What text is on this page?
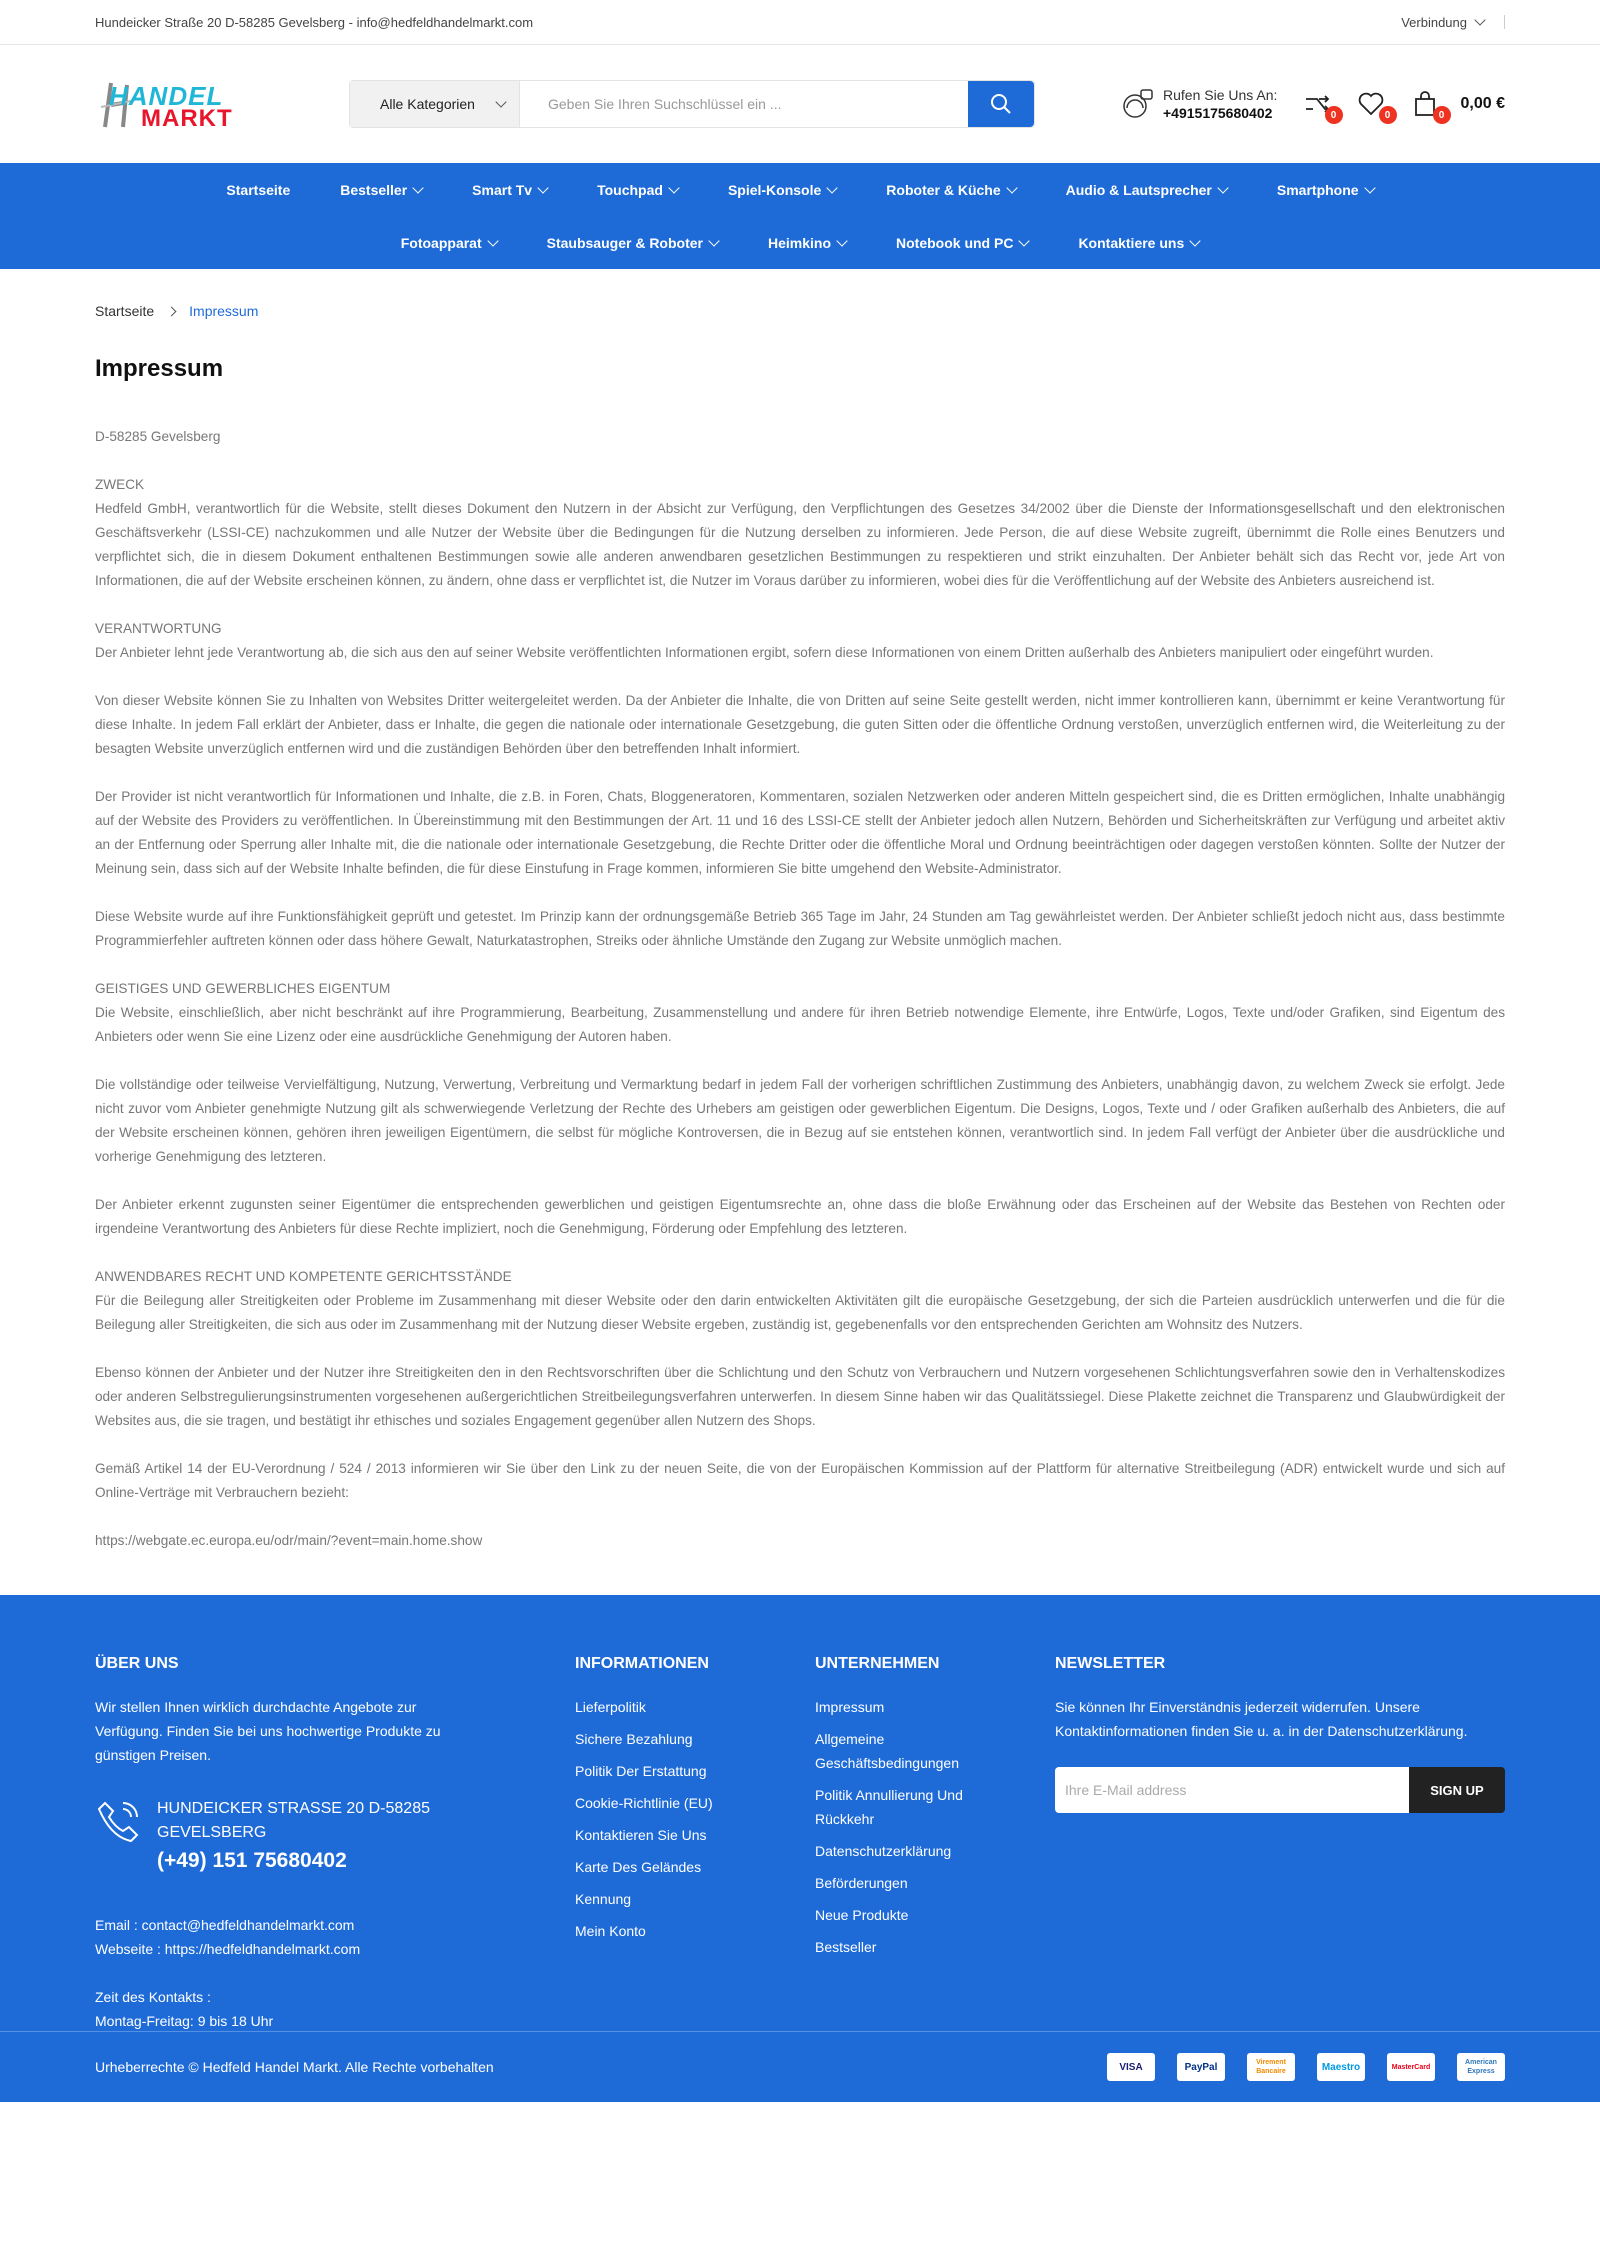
Hundeicker Straße 20 D-58285 Gevelsberg - info@hedfeldhandelmarkt.com	Verbindung
HANDEL
MARKT
Alle Kategorien
Geben Sie Ihren Suchschlüssel ein ...
Rufen Sie Uns An:
+4915175680402	0	0	0
0,00 €
Startseite	Bestseller	Smart Tv	Touchpad	Spiel-Konsole	Roboter & Küche	Audio & Lautsprecher	Smartphone
Fotoapparat	Staubsauger & Roboter	Heimkino	Notebook und PC	Kontaktiere uns
Startseite	Impressum
Impressum

D-58285 Gevelsberg

ZWECK
Hedfeld GmbH, verantwortlich für die Website, stellt dieses Dokument den Nutzern in der Absicht zur Verfügung, den Verpflichtungen des Gesetzes 34/2002 über die Dienste der Informationsgesellschaft und den elektronischen Geschäftsverkehr (LSSI-CE) nachzukommen und alle Nutzer der Website über die Bedingungen für die Nutzung derselben zu informieren. Jede Person, die auf diese Website zugreift, übernimmt die Rolle eines Benutzers und verpflichtet sich, die in diesem Dokument enthaltenen Bestimmungen sowie alle anderen anwendbaren gesetzlichen Bestimmungen zu respektieren und strikt einzuhalten. Der Anbieter behält sich das Recht vor, jede Art von Informationen, die auf der Website erscheinen können, zu ändern, ohne dass er verpflichtet ist, die Nutzer im Voraus darüber zu informieren, wobei dies für die Veröffentlichung auf der Website des Anbieters ausreichend ist.

VERANTWORTUNG
Der Anbieter lehnt jede Verantwortung ab, die sich aus den auf seiner Website veröffentlichten Informationen ergibt, sofern diese Informationen von einem Dritten außerhalb des Anbieters manipuliert oder eingeführt wurden.

Von dieser Website können Sie zu Inhalten von Websites Dritter weitergeleitet werden. Da der Anbieter die Inhalte, die von Dritten auf seine Seite gestellt werden, nicht immer kontrollieren kann, übernimmt er keine Verantwortung für diese Inhalte. In jedem Fall erklärt der Anbieter, dass er Inhalte, die gegen die nationale oder internationale Gesetzgebung, die guten Sitten oder die öffentliche Ordnung verstoßen, unverzüglich entfernen wird, die Weiterleitung zu der besagten Website unverzüglich entfernen wird und die zuständigen Behörden über den betreffenden Inhalt informiert.

Der Provider ist nicht verantwortlich für Informationen und Inhalte, die z.B. in Foren, Chats, Bloggeneratoren, Kommentaren, sozialen Netzwerken oder anderen Mitteln gespeichert sind, die es Dritten ermöglichen, Inhalte unabhängig auf der Website des Providers zu veröffentlichen. In Übereinstimmung mit den Bestimmungen der Art. 11 und 16 des LSSI-CE stellt der Anbieter jedoch allen Nutzern, Behörden und Sicherheitskräften zur Verfügung und arbeitet aktiv an der Entfernung oder Sperrung aller Inhalte mit, die die nationale oder internationale Gesetzgebung, die Rechte Dritter oder die öffentliche Moral und Ordnung beeinträchtigen oder dagegen verstoßen könnten. Sollte der Nutzer der Meinung sein, dass sich auf der Website Inhalte befinden, die für diese Einstufung in Frage kommen, informieren Sie bitte umgehend den Website-Administrator.

Diese Website wurde auf ihre Funktionsfähigkeit geprüft und getestet. Im Prinzip kann der ordnungsgemäße Betrieb 365 Tage im Jahr, 24 Stunden am Tag gewährleistet werden. Der Anbieter schließt jedoch nicht aus, dass bestimmte Programmierfehler auftreten können oder dass höhere Gewalt, Naturkatastrophen, Streiks oder ähnliche Umstände den Zugang zur Website unmöglich machen.

GEISTIGES UND GEWERBLICHES EIGENTUM
Die Website, einschließlich, aber nicht beschränkt auf ihre Programmierung, Bearbeitung, Zusammenstellung und andere für ihren Betrieb notwendige Elemente, ihre Entwürfe, Logos, Texte und/oder Grafiken, sind Eigentum des Anbieters oder wenn Sie eine Lizenz oder eine ausdrückliche Genehmigung der Autoren haben.

Die vollständige oder teilweise Vervielfältigung, Nutzung, Verwertung, Verbreitung und Vermarktung bedarf in jedem Fall der vorherigen schriftlichen Zustimmung des Anbieters, unabhängig davon, zu welchem Zweck sie erfolgt. Jede nicht zuvor vom Anbieter genehmigte Nutzung gilt als schwerwiegende Verletzung der Rechte des Urhebers am geistigen oder gewerblichen Eigentum. Die Designs, Logos, Texte und / oder Grafiken außerhalb des Anbieters, die auf der Website erscheinen können, gehören ihren jeweiligen Eigentümern, die selbst für mögliche Kontroversen, die in Bezug auf sie entstehen können, verantwortlich sind. In jedem Fall verfügt der Anbieter über die ausdrückliche und vorherige Genehmigung des letzteren.

Der Anbieter erkennt zugunsten seiner Eigentümer die entsprechenden gewerblichen und geistigen Eigentumsrechte an, ohne dass die bloße Erwähnung oder das Erscheinen auf der Website das Bestehen von Rechten oder irgendeine Verantwortung des Anbieters für diese Rechte impliziert, noch die Genehmigung, Förderung oder Empfehlung des letzteren.

ANWENDBARES RECHT UND KOMPETENTE GERICHTSSTÄNDE
Für die Beilegung aller Streitigkeiten oder Probleme im Zusammenhang mit dieser Website oder den darin entwickelten Aktivitäten gilt die europäische Gesetzgebung, der sich die Parteien ausdrücklich unterwerfen und die für die Beilegung aller Streitigkeiten, die sich aus oder im Zusammenhang mit der Nutzung dieser Website ergeben, zuständig ist, gegebenenfalls vor den entsprechenden Gerichten am Wohnsitz des Nutzers.

Ebenso können der Anbieter und der Nutzer ihre Streitigkeiten den in den Rechtsvorschriften über die Schlichtung und den Schutz von Verbrauchern und Nutzern vorgesehenen Schlichtungsverfahren sowie den in Verhaltenskodizes oder anderen Selbstregulierungsinstrumenten vorgesehenen außergerichtlichen Streitbeilegungsverfahren unterwerfen. In diesem Sinne haben wir das Qualitätssiegel. Diese Plakette zeichnet die Transparenz und Glaubwürdigkeit der Websites aus, die sie tragen, und bestätigt ihr ethisches und soziales Engagement gegenüber allen Nutzern des Shops.

Gemäß Artikel 14 der EU-Verordnung / 524 / 2013 informieren wir Sie über den Link zu der neuen Seite, die von der Europäischen Kommission auf der Plattform für alternative Streitbeilegung (ADR) entwickelt wurde und sich auf Online-Verträge mit Verbrauchern bezieht:

https://webgate.ec.europa.eu/odr/main/?event=main.home.show

ÜBER UNS

Wir stellen Ihnen wirklich durchdachte Angebote zur Verfügung. Finden Sie bei uns hochwertige Produkte zu günstigen Preisen.

HUNDEICKER STRASSE 20 D-58285 GEVELSBERG
(+49) 151 75680402

Email : contact@hedfeldhandelmarkt.com

Webseite : https://hedfeldhandelmarkt.com

Zeit des Kontakts :

Montag-Freitag: 9 bis 18 Uhr

INFORMATIONEN
Lieferpolitik
Sichere Bezahlung
Politik Der Erstattung
Cookie-Richtlinie (EU)
Kontaktieren Sie Uns
Karte Des Geländes
Kennung
Mein Konto
UNTERNEHMEN
Impressum
Allgemeine Geschäftsbedingungen
Politik Annullierung Und Rückkehr
Datenschutzerklärung
Beförderungen
Neue Produkte
Bestseller
NEWSLETTER

Sie können Ihr Einverständnis jederzeit widerrufen. Unsere Kontaktinformationen finden Sie u. a. in der Datenschutzerklärung.

Ihre E-Mail address
SIGN UP
Urheberrechte © Hedfeld Handel Markt. Alle Rechte vorbehalten	VISA	PayPal	Virement Bancaire	Maestro	MasterCard
American Express
